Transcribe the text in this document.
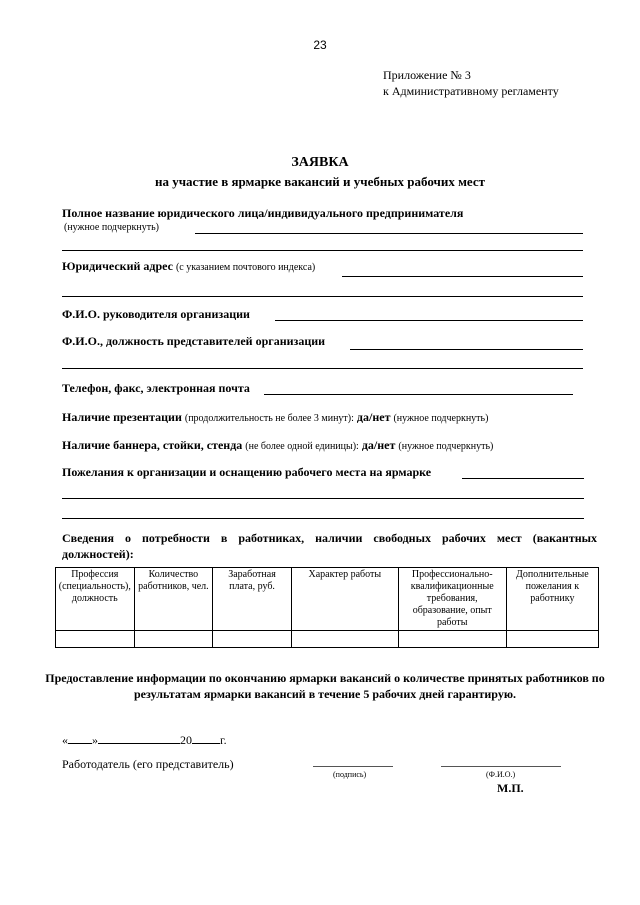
23
Приложение № 3
к Административному регламенту
ЗАЯВКА
на участие в ярмарке вакансий и учебных рабочих мест
Полное название юридического лица/индивидуального предпринимателя
(нужное подчеркнуть)
Юридический адрес (с указанием почтового индекса)
Ф.И.О. руководителя организации
Ф.И.О., должность представителей организации
Телефон, факс, электронная почта
Наличие презентации (продолжительность не более 3 минут): да/нет (нужное подчеркнуть)
Наличие баннера, стойки, стенда (не более одной единицы): да/нет (нужное подчеркнуть)
Пожелания к организации и оснащению рабочего места на ярмарке
Сведения о потребности в работниках, наличии свободных рабочих мест (вакантных должностей):
Профессия (специальность), должность	Количество работников, чел.	Заработная плата, руб.	Характер работы	Профессионально-квалификационные требования, образование, опыт работы	Дополнительные пожелания к работнику

Предоставление информации по окончанию ярмарки вакансий о количестве принятых работников по результатам ярмарки вакансий в течение 5 рабочих дней гарантирую.
« »	20 г.
Работодатель (его представитель)
(подпись)	(Ф.И.О.)
М.П.
